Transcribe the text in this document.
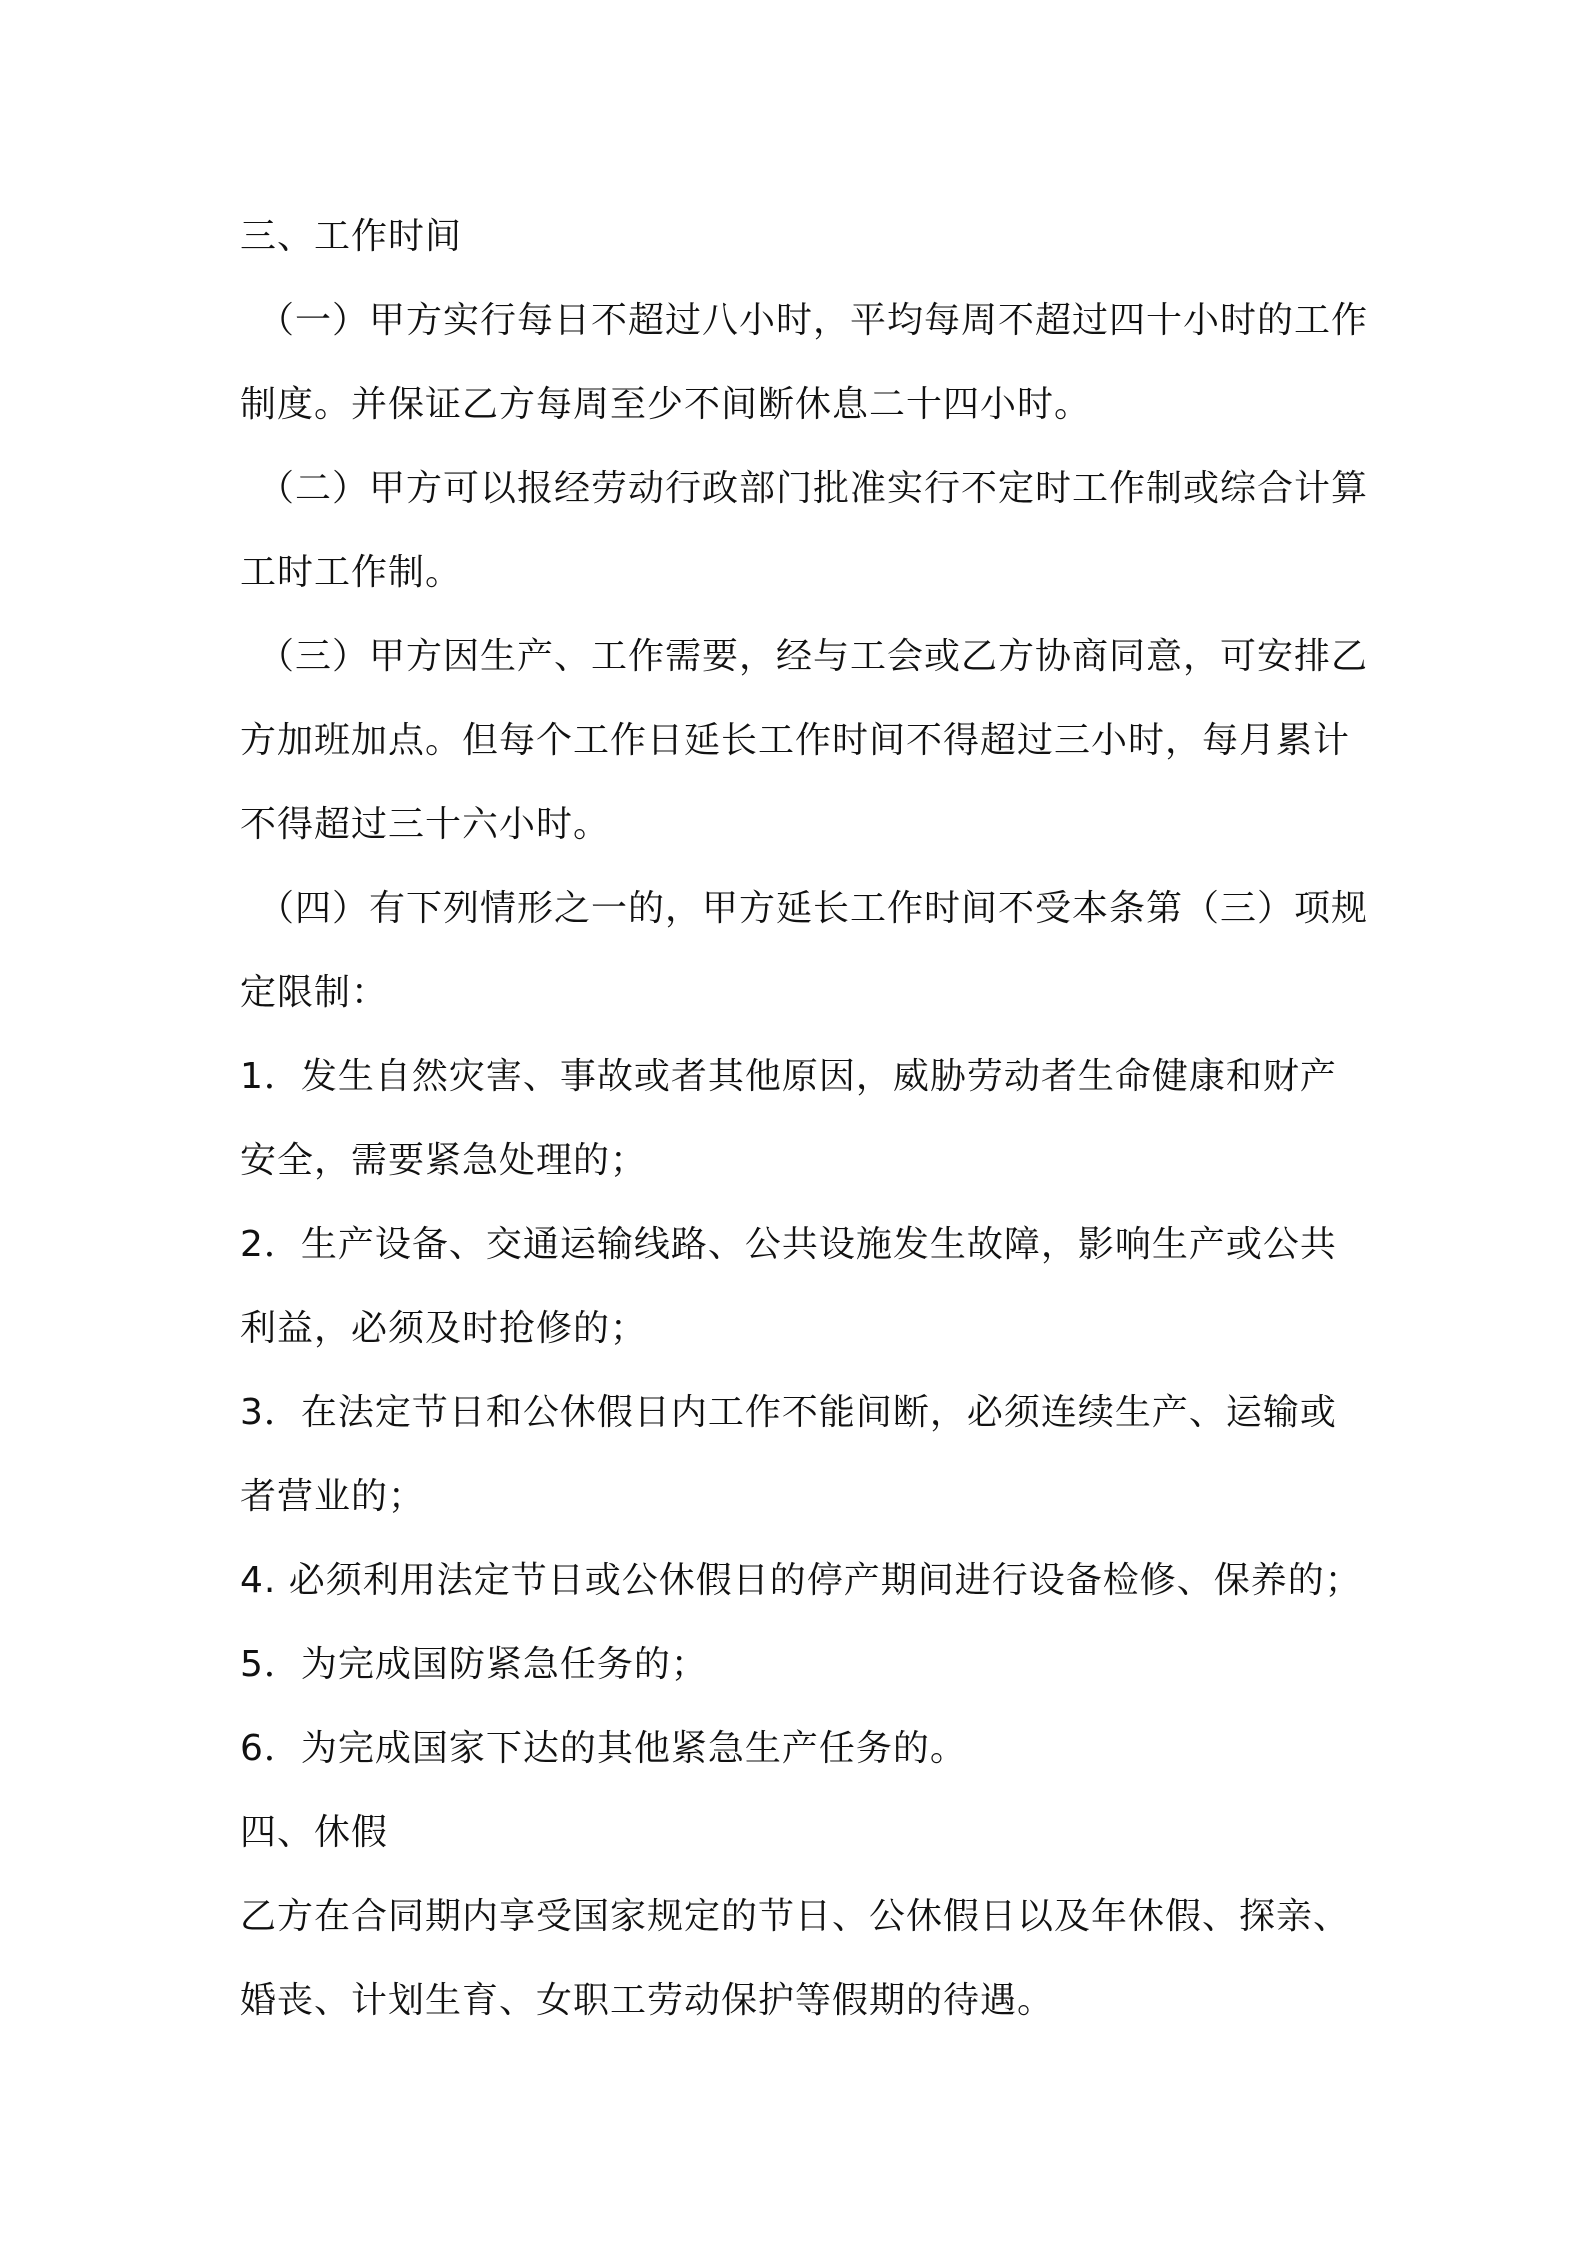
三、工作时间
（一）甲方实行每日不超过八小时，平均每周不超过四十小时的工作
制度。并保证乙方每周至少不间断休息二十四小时。
（二）甲方可以报经劳动行政部门批准实行不定时工作制或综合计算
工时工作制。
（三）甲方因生产、工作需要，经与工会或乙方协商同意，可安排乙
方加班加点。但每个工作日延长工作时间不得超过三小时，每月累计
不得超过三十六小时。
（四）有下列情形之一的，甲方延长工作时间不受本条第（三）项规
定限制：
1．发生自然灾害、事故或者其他原因，威胁劳动者生命健康和财产
安全，需要紧急处理的；
2．生产设备、交通运输线路、公共设施发生故障，影响生产或公共
利益，必须及时抢修的；
3．在法定节日和公休假日内工作不能间断，必须连续生产、运输或
者营业的；
4. 必须利用法定节日或公休假日的停产期间进行设备检修、保养的；
5．为完成国防紧急任务的；
6．为完成国家下达的其他紧急生产任务的。
四、休假
乙方在合同期内享受国家规定的节日、公休假日以及年休假、探亲、
婚丧、计划生育、女职工劳动保护等假期的待遇。
